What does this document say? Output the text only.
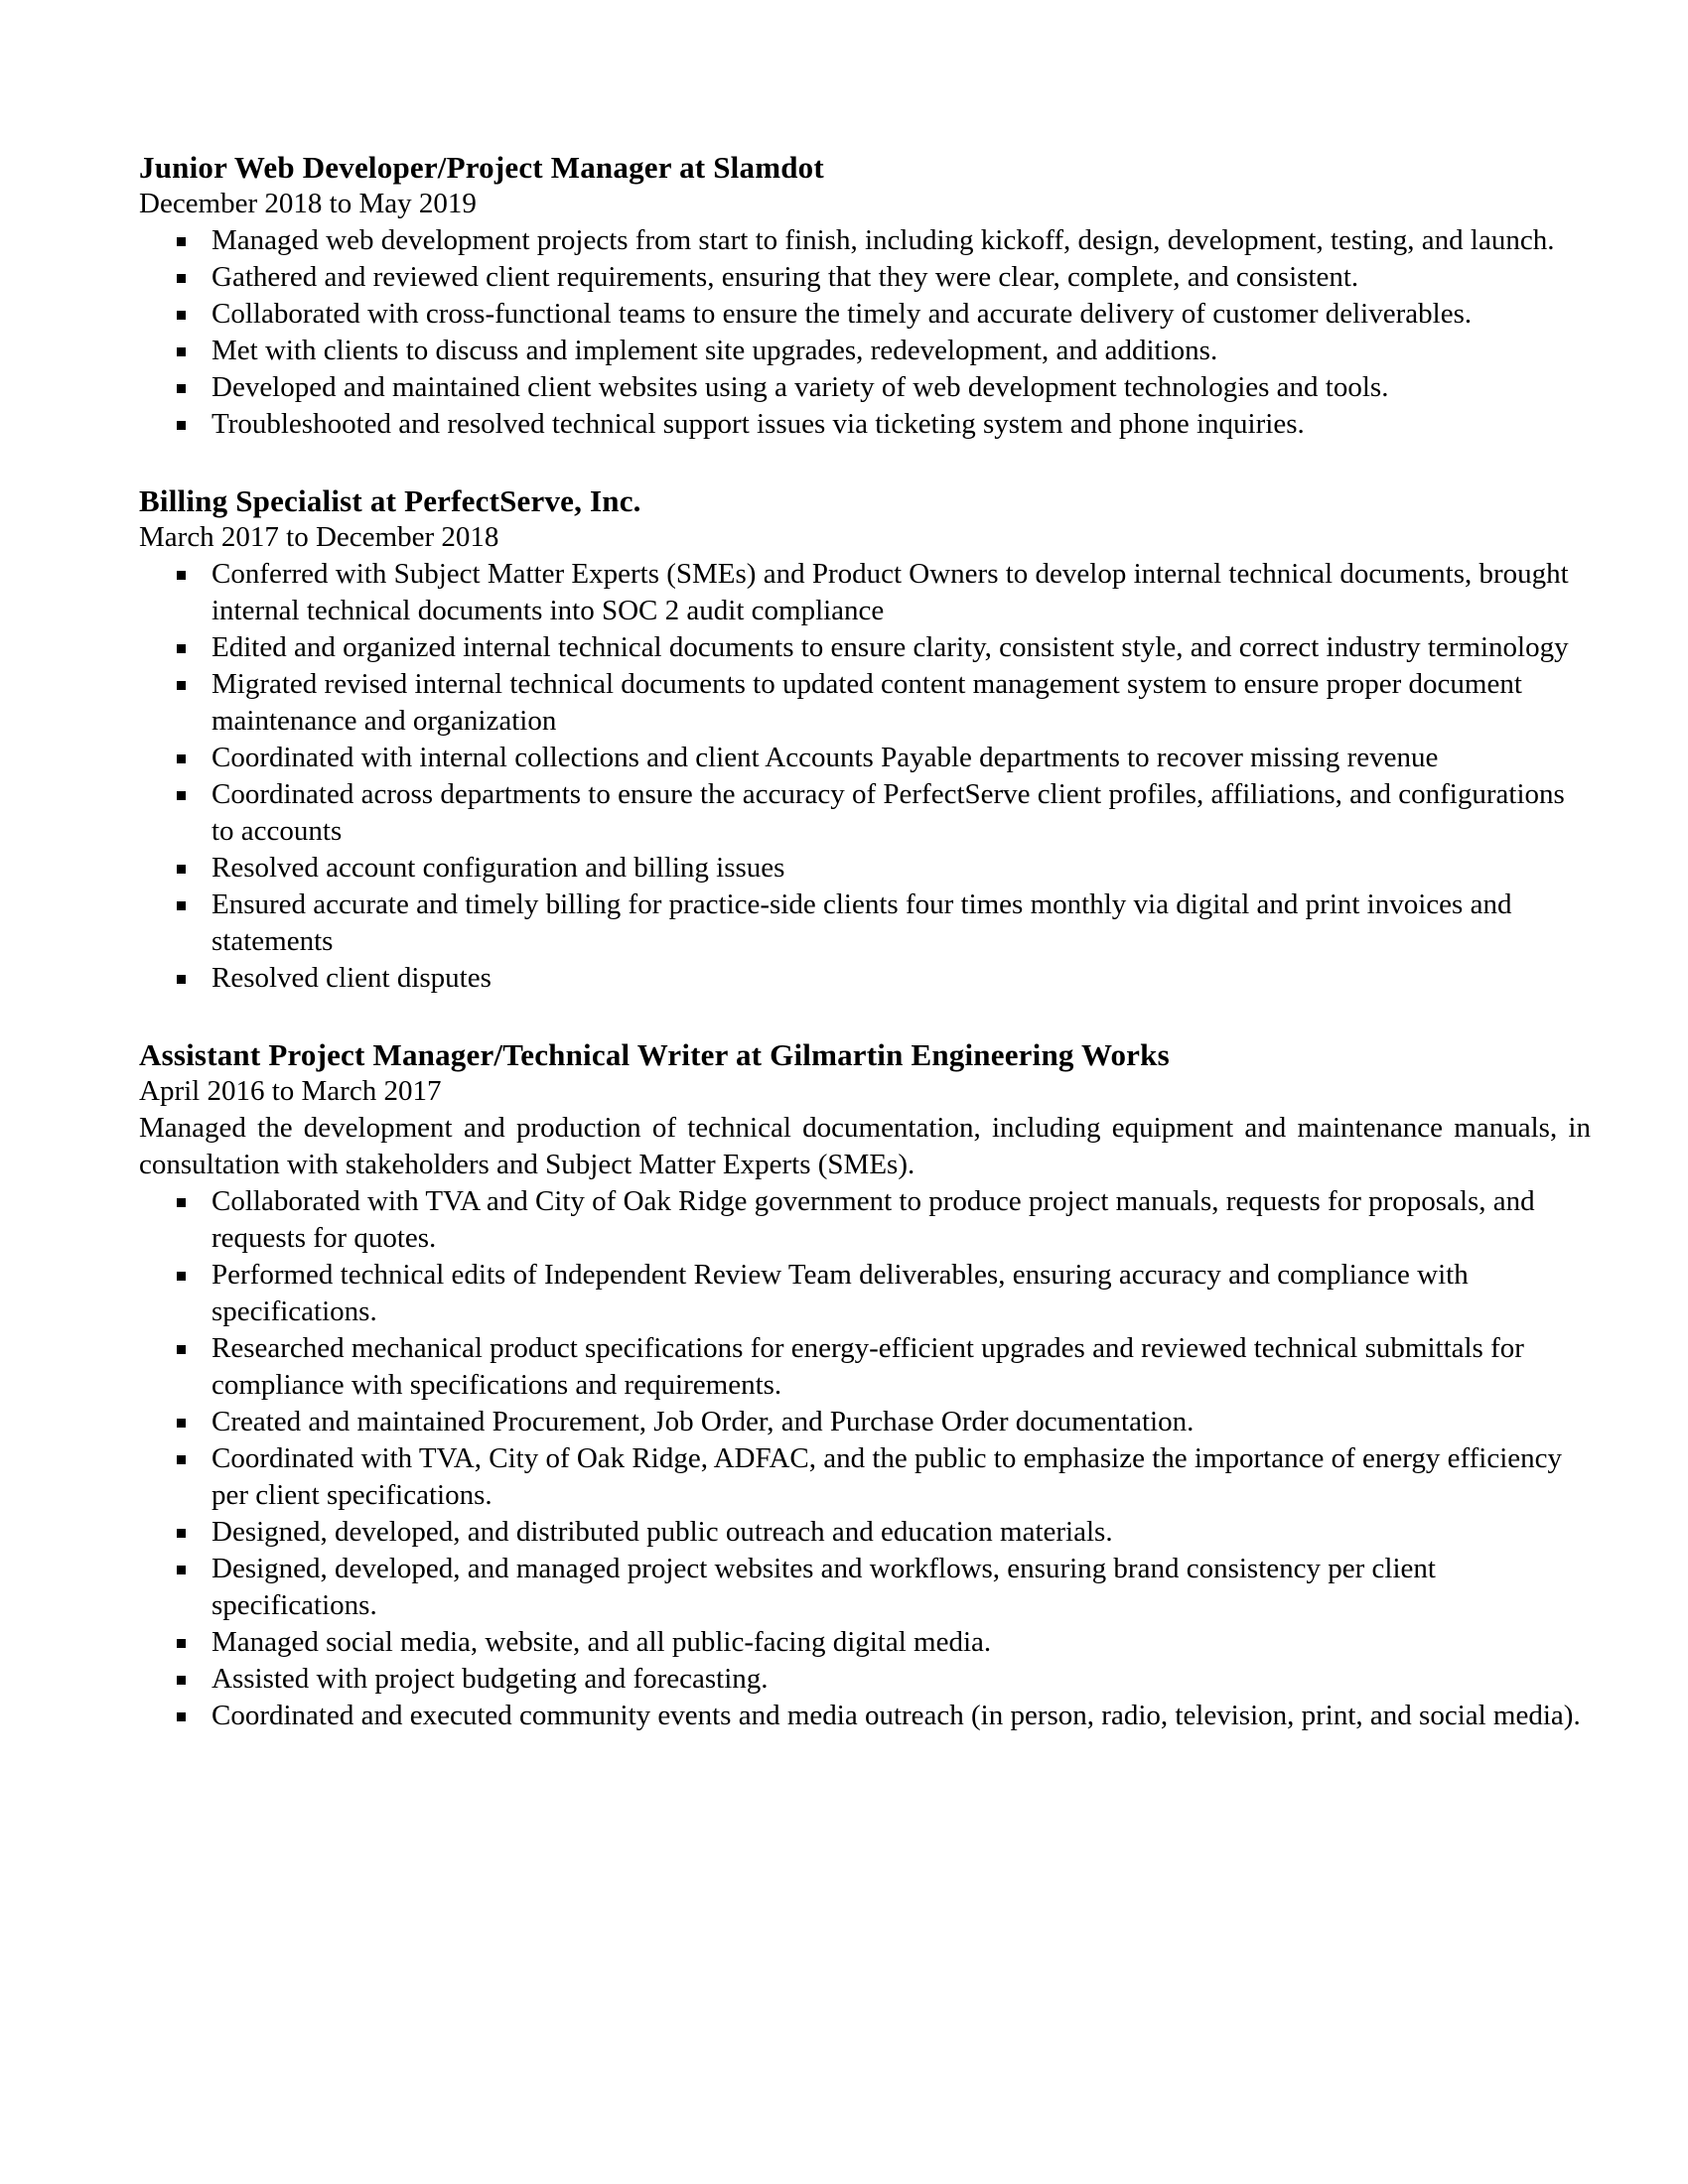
Junior Web Developer/Project Manager at Slamdot

December 2018 to May 2019

Managed web development projects from start to finish, including kickoff, design, development, testing, and launch.
Gathered and reviewed client requirements, ensuring that they were clear, complete, and consistent.
Collaborated with cross-functional teams to ensure the timely and accurate delivery of customer deliverables.
Met with clients to discuss and implement site upgrades, redevelopment, and additions.
Developed and maintained client websites using a variety of web development technologies and tools.
Troubleshooted and resolved technical support issues via ticketing system and phone inquiries.
Billing Specialist at PerfectServe, Inc.

March 2017 to December 2018

Conferred with Subject Matter Experts (SMEs) and Product Owners to develop internal technical documents, brought internal technical documents into SOC 2 audit compliance
Edited and organized internal technical documents to ensure clarity, consistent style, and correct industry terminology
Migrated revised internal technical documents to updated content management system to ensure proper document maintenance and organization
Coordinated with internal collections and client Accounts Payable departments to recover missing revenue
Coordinated across departments to ensure the accuracy of PerfectServe client profiles, affiliations, and configurations to accounts
Resolved account configuration and billing issues
Ensured accurate and timely billing for practice-side clients four times monthly via digital and print invoices and statements
Resolved client disputes
Assistant Project Manager/Technical Writer at Gilmartin Engineering Works

April 2016 to March 2017

Managed the development and production of technical documentation, including equipment and maintenance manuals, in consultation with stakeholders and Subject Matter Experts (SMEs).

Collaborated with TVA and City of Oak Ridge government to produce project manuals, requests for proposals, and requests for quotes.
Performed technical edits of Independent Review Team deliverables, ensuring accuracy and compliance with specifications.
Researched mechanical product specifications for energy-efficient upgrades and reviewed technical submittals for compliance with specifications and requirements.
Created and maintained Procurement, Job Order, and Purchase Order documentation.
Coordinated with TVA, City of Oak Ridge, ADFAC, and the public to emphasize the importance of energy efficiency per client specifications.
Designed, developed, and distributed public outreach and education materials.
Designed, developed, and managed project websites and workflows, ensuring brand consistency per client specifications.
Managed social media, website, and all public-facing digital media.
Assisted with project budgeting and forecasting.
Coordinated and executed community events and media outreach (in person, radio, television, print, and social media).
